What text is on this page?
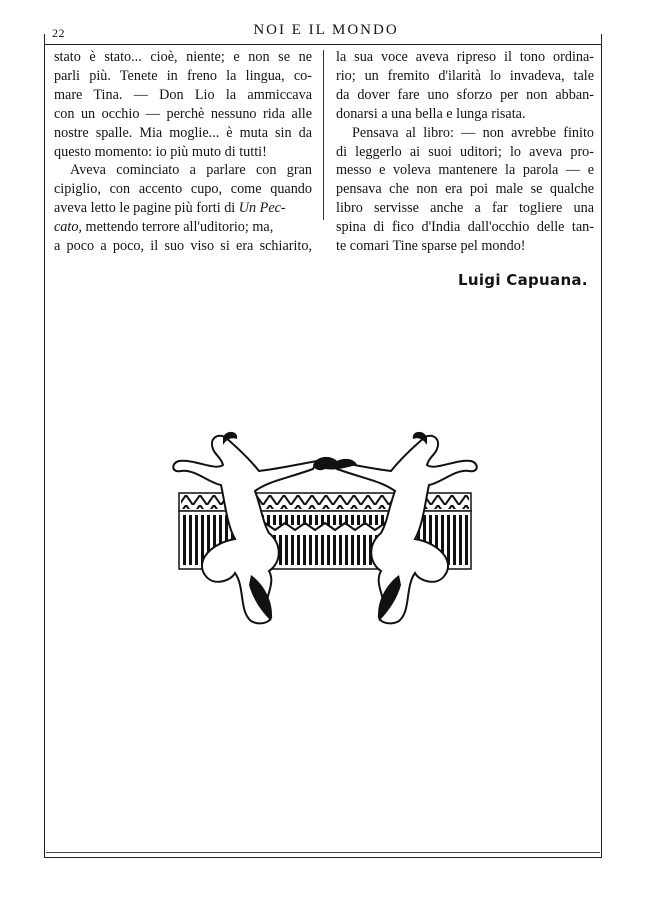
22	NOI E IL MONDO
stato è stato... cioè, niente; e non se ne
parli più. Tenete in freno la lingua, co-
mare Tina. — Don Lio la ammiccava
con un occhio — perchè nessuno rida alle
nostre spalle. Mia moglie... è muta sin da
questo momento: io più muto di tutti!
Aveva cominciato a parlare con gran
cipiglio, con accento cupo, come quando
aveva letto le pagine più forti di Un Pec-
cato, mettendo terrore all'uditorio; ma,
a poco a poco, il suo viso si era schiarito,
la sua voce aveva ripreso il tono ordina-
rio; un fremito d'ilarità lo invadeva, tale
da dover fare uno sforzo per non abban-
donarsi a una bella e lunga risata.
Pensava al libro: — non avrebbe finito
di leggerlo ai suoi uditori; lo aveva pro-
messo e voleva mantenere la parola — e
pensava che non era poi male se qualche
libro servisse anche a far togliere una
spina di fico d'India dall'occhio delle tan-
te comari Tine sparse pel mondo!
Luigi Capuana.
